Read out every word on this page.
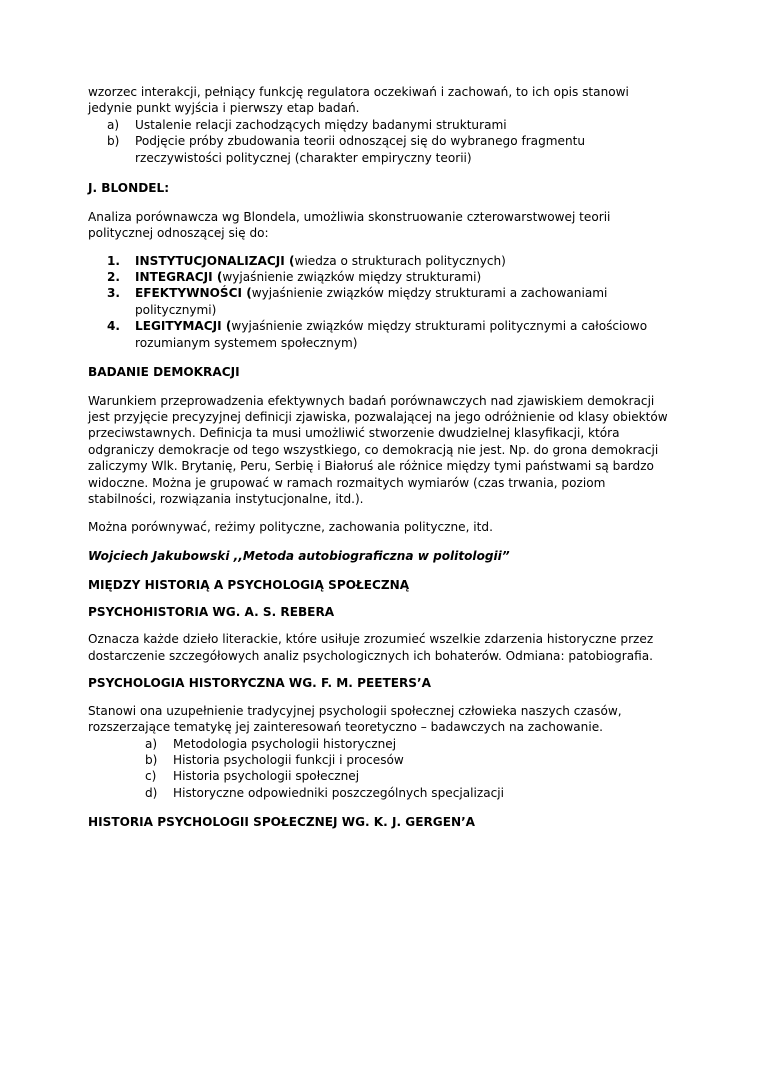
wzorzec interakcji, pełniący funkcję regulatora oczekiwań i zachowań, to ich opis stanowi jedynie punkt wyjścia i pierwszy etap badań.

a)	Ustalenie relacji zachodzących między badanymi strukturami
b)	Podjęcie próby zbudowania teorii odnoszącej się do wybranego fragmentu rzeczywistości politycznej (charakter empiryczny teorii)

J. BLONDEL:

Analiza porównawcza wg Blondela, umożliwia skonstruowanie czterowarstwowej teorii politycznej odnoszącej się do:

1.	INSTYTUCJONALIZACJI (wiedza o strukturach politycznych)
2.	INTEGRACJI (wyjaśnienie związków między strukturami)
3.	EFEKTYWNOŚCI (wyjaśnienie związków między strukturami a zachowaniami politycznymi)
4.	LEGITYMACJI (wyjaśnienie związków między strukturami politycznymi a całościowo rozumianym systemem społecznym)

BADANIE DEMOKRACJI

Warunkiem przeprowadzenia efektywnych badań porównawczych nad zjawiskiem demokracji jest przyjęcie precyzyjnej definicji zjawiska, pozwalającej na jego odróżnienie od klasy obiektów przeciwstawnych. Definicja ta musi umożliwić stworzenie dwudzielnej klasyfikacji, która odgraniczy demokracje od tego wszystkiego, co demokracją nie jest. Np. do grona demokracji zaliczymy Wlk. Brytanię, Peru, Serbię i Białoruś ale różnice między tymi państwami są bardzo widoczne. Można je grupować w ramach rozmaitych wymiarów (czas trwania, poziom stabilności, rozwiązania instytucjonalne, itd.).

Można porównywać, reżimy polityczne, zachowania polityczne, itd.

Wojciech Jakubowski ,,Metoda autobiograficzna w politologii”

MIĘDZY HISTORIĄ A PSYCHOLOGIĄ SPOŁECZNĄ

PSYCHOHISTORIA WG. A. S. REBERA

Oznacza każde dzieło literackie, które usiłuje zrozumieć wszelkie zdarzenia historyczne przez dostarczenie szczegółowych analiz psychologicznych ich bohaterów. Odmiana: patobiografia.

PSYCHOLOGIA HISTORYCZNA WG. F. M. PEETERS’A

Stanowi ona uzupełnienie tradycyjnej psychologii społecznej człowieka naszych czasów, rozszerzające tematykę jej zainteresowań teoretyczno – badawczych na zachowanie.

a)	Metodologia psychologii historycznej
b)	Historia psychologii funkcji i procesów
c)	Historia psychologii społecznej
d)	Historyczne odpowiedniki poszczególnych specjalizacji

HISTORIA PSYCHOLOGII SPOŁECZNEJ WG. K. J. GERGEN’A
